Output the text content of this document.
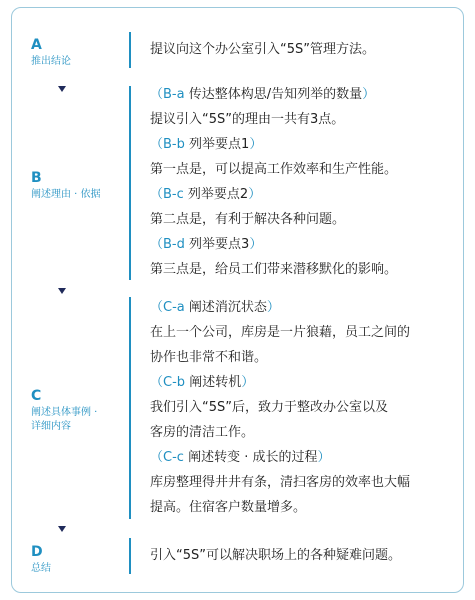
A
推出结论
提议向这个办公室引入“5S”管理方法。
B
阐述理由 · 依据
（B-a 传达整体构思/告知列举的数量）
提议引入“5S”的理由一共有3点。
（B-b 列举要点1）
第一点是，可以提高工作效率和生产性能。
（B-c 列举要点2）
第二点是，有利于解决各种问题。
（B-d 列举要点3）
第三点是，给员工们带来潜移默化的影响。
C
阐述具体事例 ·
详细内容
（C-a 阐述消沉状态）
在上一个公司，库房是一片狼藉，员工之间的
协作也非常不和谐。
（C-b 阐述转机）
我们引入“5S”后，致力于整改办公室以及
客房的清洁工作。
（C-c 阐述转变 · 成长的过程）
库房整理得井井有条，清扫客房的效率也大幅
提高。住宿客户数量增多。
D
总结
引入“5S”可以解决职场上的各种疑难问题。
